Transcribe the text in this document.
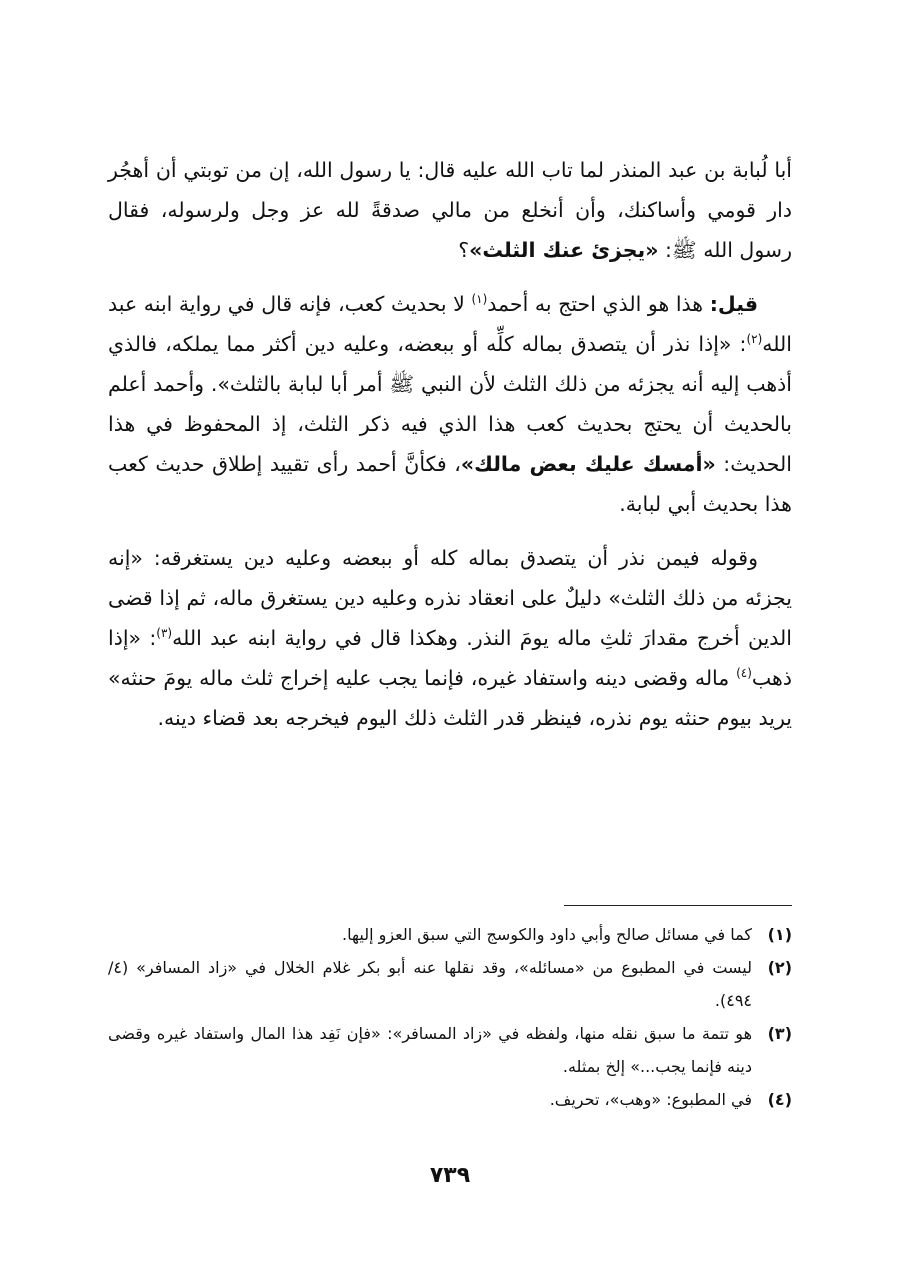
أبا لُبابة بن عبد المنذر لما تاب الله عليه قال: يا رسول الله، إن من توبتي أن أهجُر دار قومي وأساكنك، وأن أنخلع من مالي صدقةً لله عز وجل ولرسوله، فقال رسول الله ﷺ: «يجزئ عنك الثلث»؟

قيل: هذا هو الذي احتج به أحمد$^{(١)}$ لا بحديث كعب، فإنه قال في رواية ابنه عبد الله$^{(٢)}$: «إذا نذر أن يتصدق بماله كلِّه أو ببعضه، وعليه دين أكثر مما يملكه، فالذي أذهب إليه أنه يجزئه من ذلك الثلث لأن النبي ﷺ أمر أبا لبابة بالثلث». وأحمد أعلم بالحديث أن يحتج بحديث كعب هذا الذي فيه ذكر الثلث، إذ المحفوظ في هذا الحديث: «أمسك عليك بعض مالك»، فكأنَّ أحمد رأى تقييد إطلاق حديث كعب هذا بحديث أبي لبابة.

وقوله فيمن نذر أن يتصدق بماله كله أو ببعضه وعليه دين يستغرقه: «إنه يجزئه من ذلك الثلث» دليلٌ على انعقاد نذره وعليه دين يستغرق ماله، ثم إذا قضى الدين أخرج مقدارَ ثلثِ ماله يومَ النذر. وهكذا قال في رواية ابنه عبد الله$^{(٣)}$: «إذا ذهب$^{(٤)}$ ماله وقضى دينه واستفاد غيره، فإنما يجب عليه إخراج ثلث ماله يومَ حنثه» يريد بيوم حنثه يوم نذره، فينظر قدر الثلث ذلك اليوم فيخرجه بعد قضاء دينه.

(١)
كما في مسائل صالح وأبي داود والكوسج التي سبق العزو إليها.
(٢)
ليست في المطبوع من «مسائله»، وقد نقلها عنه أبو بكر غلام الخلال في «زاد المسافر» (٤/ ٤٩٤).
(٣)
هو تتمة ما سبق نقله منها، ولفظه في «زاد المسافر»: «فإن نَفِد هذا المال واستفاد غيره وقضى دينه فإنما يجب...» إلخ بمثله.
(٤)
في المطبوع: «وهب»، تحريف.
٧٣٩
